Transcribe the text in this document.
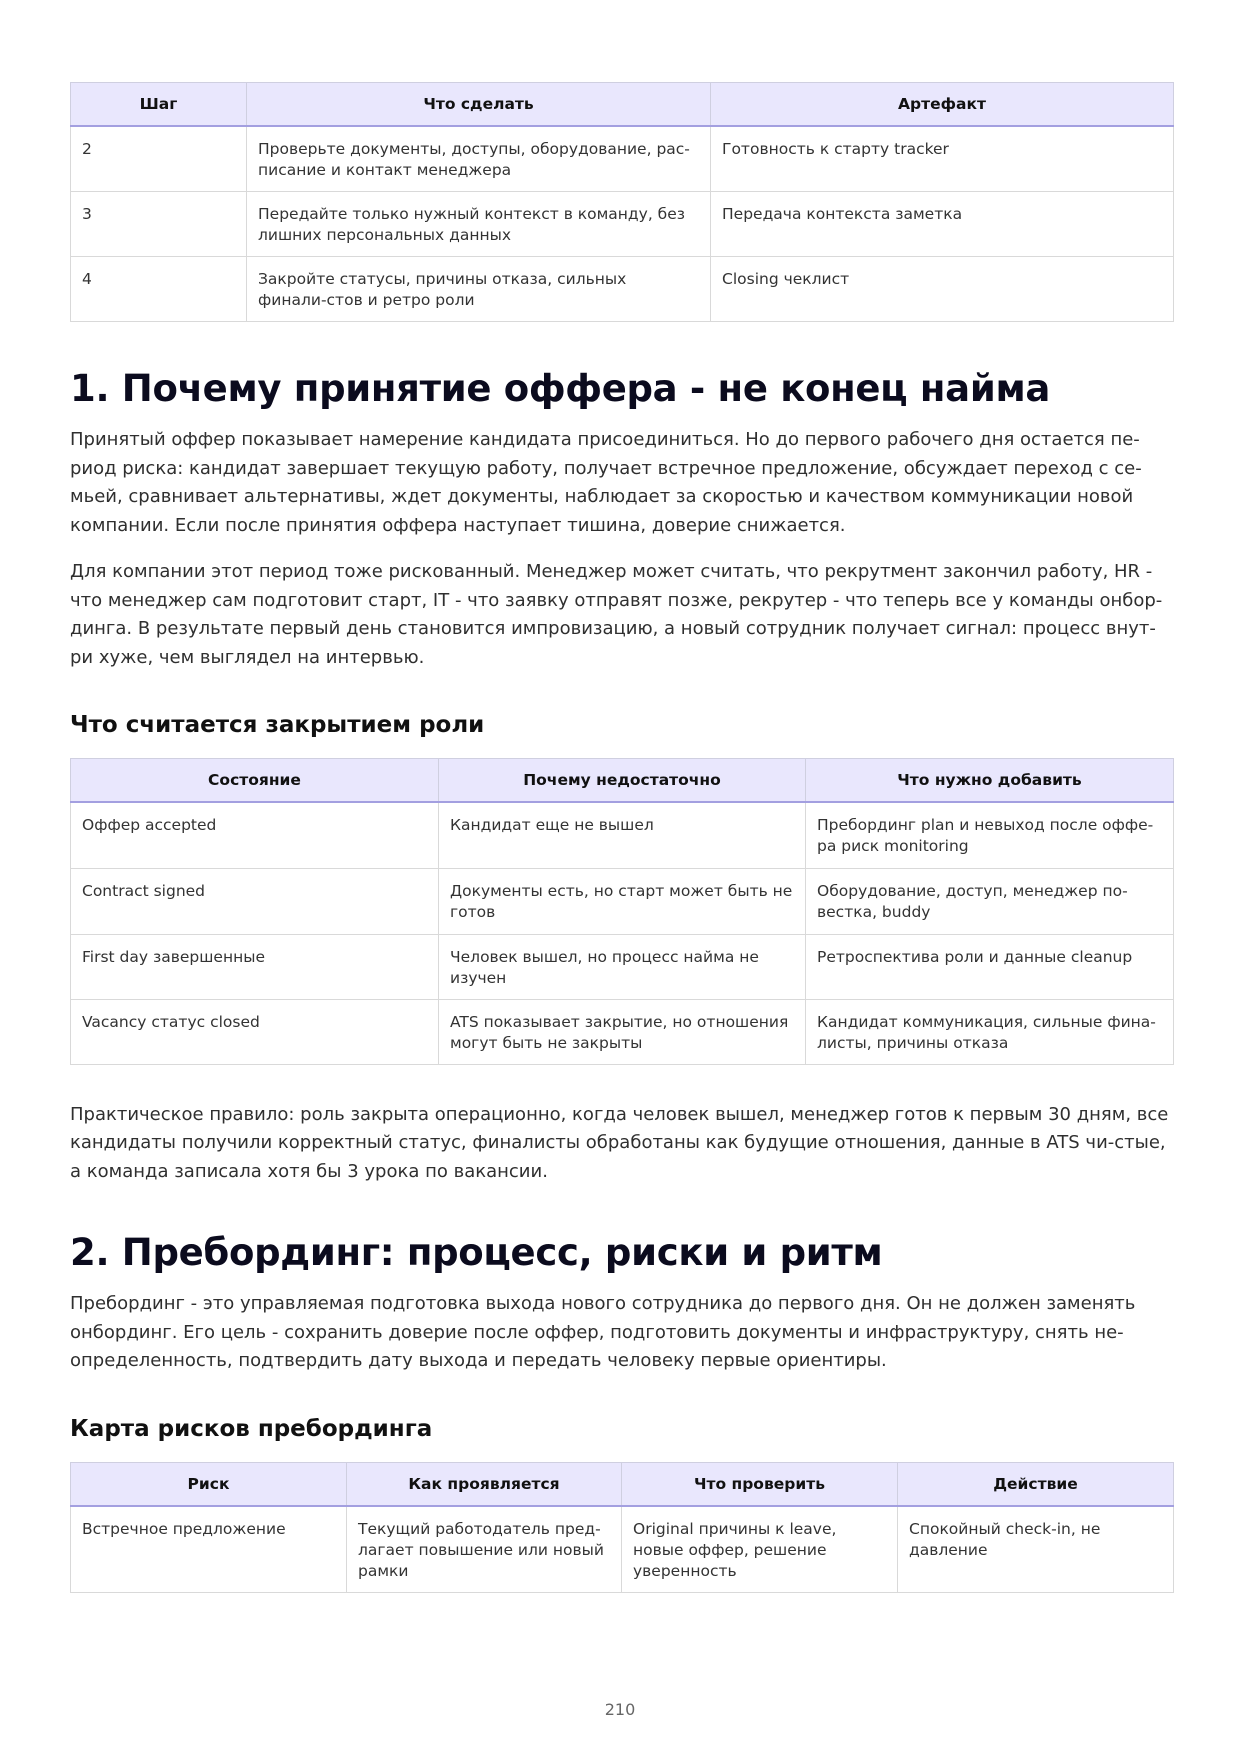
Шаг	Что сделать	Артефакт
2	Проверьте документы, доступы, оборудование, рас-писание и контакт менеджера	Готовность к старту tracker
3	Передайте только нужный контекст в команду, без лишних персональных данных	Передача контекста заметка
4	Закройте статусы, причины отказа, сильных финали-стов и ретро роли	Closing чеклист
1. Почему принятие оффера - не конец найма

Принятый оффер показывает намерение кандидата присоединиться. Но до первого рабочего дня остается пе-риод риска: кандидат завершает текущую работу, получает встречное предложение, обсуждает переход с се-мьей, сравнивает альтернативы, ждет документы, наблюдает за скоростью и качеством коммуникации новой компании. Если после принятия оффера наступает тишина, доверие снижается.

Для компании этот период тоже рискованный. Менеджер может считать, что рекрутмент закончил работу, HR - что менеджер сам подготовит старт, IT - что заявку отправят позже, рекрутер - что теперь все у команды онбор-динга. В результате первый день становится импровизацию, а новый сотрудник получает сигнал: процесс внут-ри хуже, чем выглядел на интервью.

Что считается закрытием роли
Состояние	Почему недостаточно	Что нужно добавить
Оффер accepted	Кандидат еще не вышел	Пребординг plan и невыход после оффе-ра риск monitoring
Contract signed	Документы есть, но старт может быть не готов	Оборудование, доступ, менеджер по-вестка, buddy
First day завершенные	Человек вышел, но процесс найма не изучен	Ретроспектива роли и данные cleanup
Vacancy статус closed	ATS показывает закрытие, но отношения могут быть не закрыты	Кандидат коммуникация, сильные фина-листы, причины отказа

Практическое правило: роль закрыта операционно, когда человек вышел, менеджер готов к первым 30 дням, все кандидаты получили корректный статус, финалисты обработаны как будущие отношения, данные в ATS чи-стые, а команда записала хотя бы 3 урока по вакансии.

2. Пребординг: процесс, риски и ритм

Пребординг - это управляемая подготовка выхода нового сотрудника до первого дня. Он не должен заменять онбординг. Его цель - сохранить доверие после оффер, подготовить документы и инфраструктуру, снять не-определенность, подтвердить дату выхода и передать человеку первые ориентиры.

Карта рисков пребординга
Риск	Как проявляется	Что проверить	Действие
Встречное предложение	Текущий работодатель пред-лагает повышение или новый рамки	Original причины к leave, новые оффер, решение уверенность	Спокойный check-in, не давление
210
